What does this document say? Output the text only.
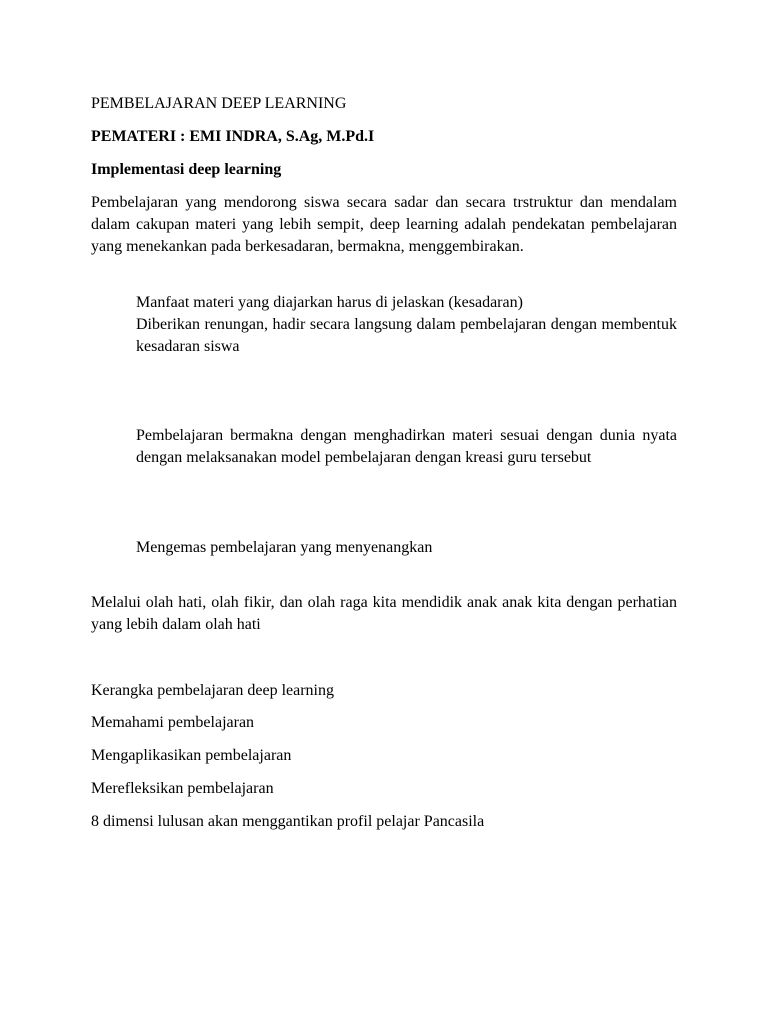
PEMBELAJARAN DEEP LEARNING

PEMATERI : EMI INDRA, S.Ag, M.Pd.I

Implementasi deep learning

Pembelajaran yang mendorong siswa secara sadar dan secara trstruktur dan mendalam dalam cakupan materi yang lebih sempit, deep learning adalah pendekatan pembelajaran yang menekankan pada berkesadaran, bermakna, menggembirakan.

Manfaat materi yang diajarkan harus di jelaskan (kesadaran)

Diberikan renungan, hadir secara langsung dalam pembelajaran dengan membentuk kesadaran siswa

Pembelajaran bermakna dengan menghadirkan materi sesuai dengan dunia nyata dengan melaksanakan model pembelajaran dengan kreasi guru tersebut

Mengemas pembelajaran yang menyenangkan

Melalui olah hati, olah fikir, dan olah raga kita mendidik anak anak kita dengan perhatian yang lebih dalam olah hati

Kerangka pembelajaran deep learning

Memahami pembelajaran

Mengaplikasikan pembelajaran

Merefleksikan pembelajaran

8 dimensi lulusan akan menggantikan profil pelajar Pancasila
